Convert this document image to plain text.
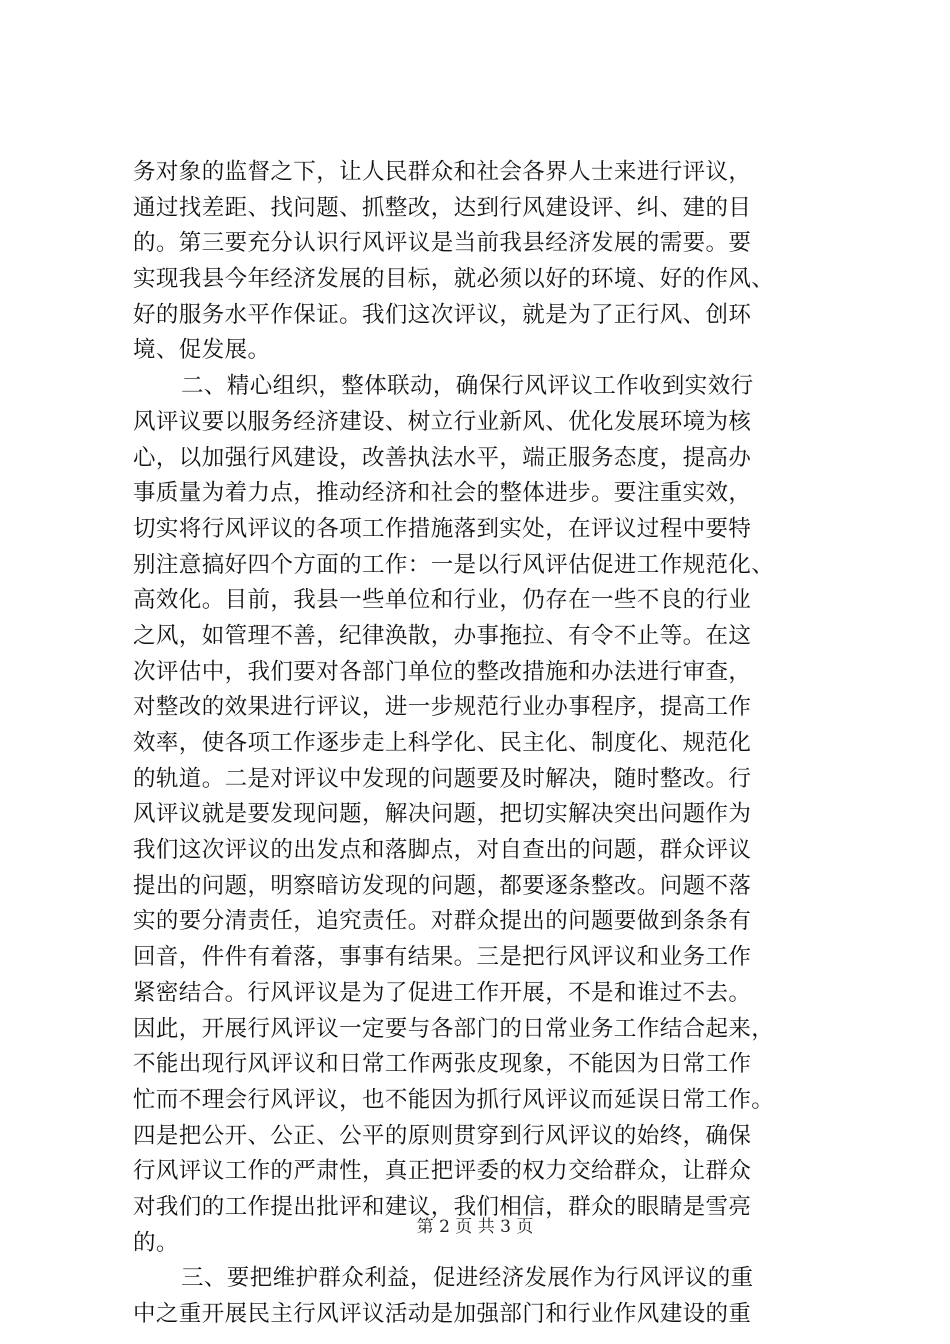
务对象的监督之下，让人民群众和社会各界人士来进行评议，
通过找差距、找问题、抓整改，达到行风建设评、纠、建的目
的。第三要充分认识行风评议是当前我县经济发展的需要。要
实现我县今年经济发展的目标，就必须以好的环境、好的作风、
好的服务水平作保证。我们这次评议，就是为了正行风、创环
境、促发展。
二、精心组织，整体联动，确保行风评议工作收到实效行
风评议要以服务经济建设、树立行业新风、优化发展环境为核
心，以加强行风建设，改善执法水平，端正服务态度，提高办
事质量为着力点，推动经济和社会的整体进步。要注重实效，
切实将行风评议的各项工作措施落到实处，在评议过程中要特
别注意搞好四个方面的工作：一是以行风评估促进工作规范化、
高效化。目前，我县一些单位和行业，仍存在一些不良的行业
之风，如管理不善，纪律涣散，办事拖拉、有令不止等。在这
次评估中，我们要对各部门单位的整改措施和办法进行审查，
对整改的效果进行评议，进一步规范行业办事程序，提高工作
效率，使各项工作逐步走上科学化、民主化、制度化、规范化
的轨道。二是对评议中发现的问题要及时解决，随时整改。行
风评议就是要发现问题，解决问题，把切实解决突出问题作为
我们这次评议的出发点和落脚点，对自查出的问题，群众评议
提出的问题，明察暗访发现的问题，都要逐条整改。问题不落
实的要分清责任，追究责任。对群众提出的问题要做到条条有
回音，件件有着落，事事有结果。三是把行风评议和业务工作
紧密结合。行风评议是为了促进工作开展，不是和谁过不去。
因此，开展行风评议一定要与各部门的日常业务工作结合起来，
不能出现行风评议和日常工作两张皮现象，不能因为日常工作
忙而不理会行风评议，也不能因为抓行风评议而延误日常工作。
四是把公开、公正、公平的原则贯穿到行风评议的始终，确保
行风评议工作的严肃性，真正把评委的权力交给群众，让群众
对我们的工作提出批评和建议，我们相信，群众的眼睛是雪亮
的。
三、要把维护群众利益，促进经济发展作为行风评议的重
中之重开展民主行风评议活动是加强部门和行业作风建设的重
第 2 页 共 3 页
